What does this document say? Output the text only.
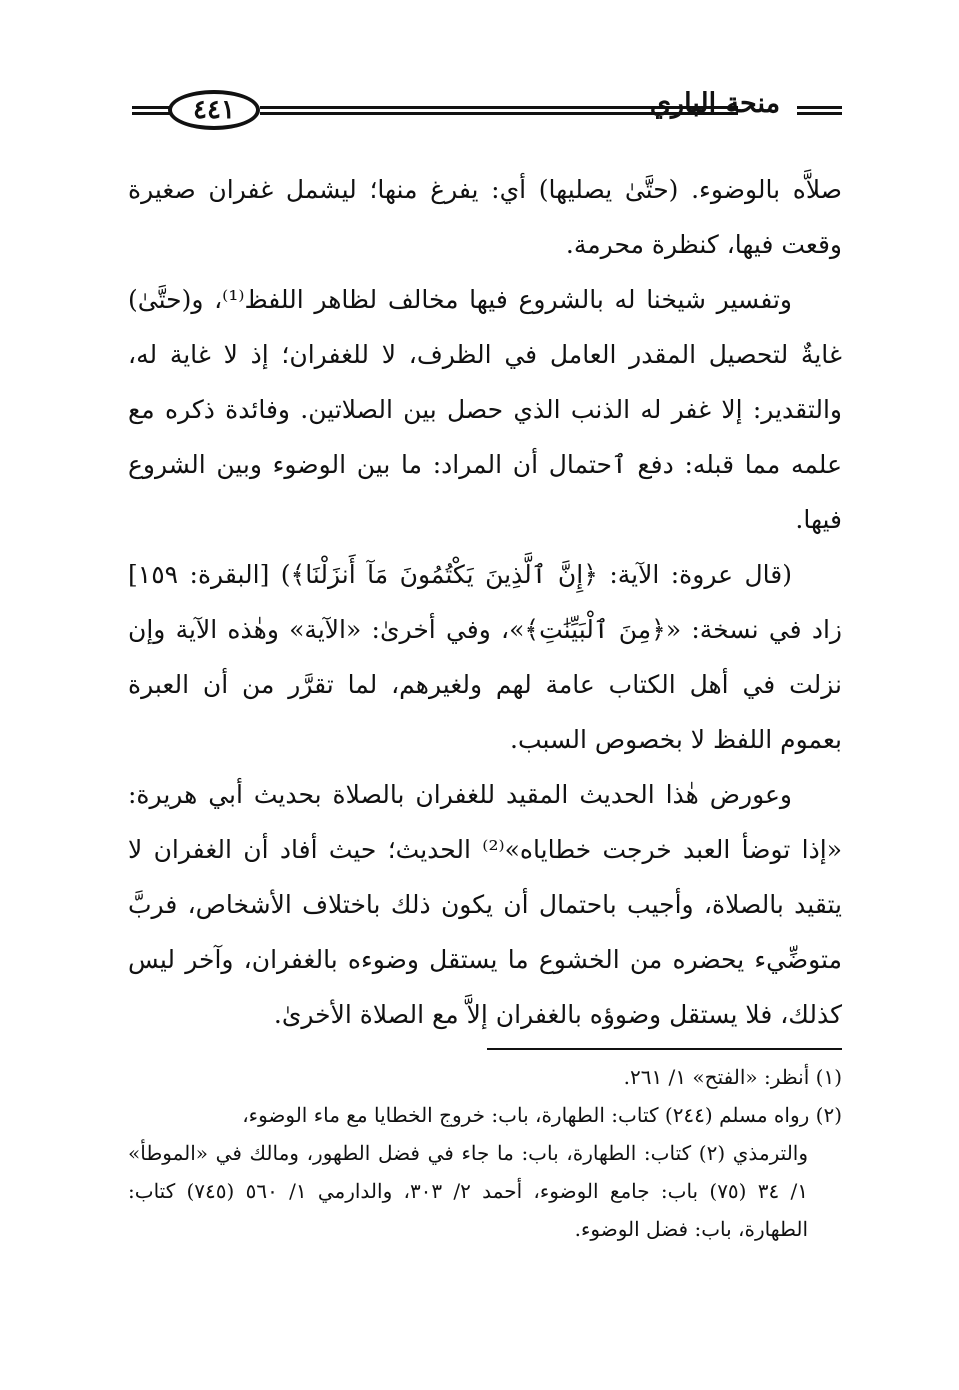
٤٤١	منحة الباري

صلاَّه بالوضوء. (حتَّىٰ يصليها) أي: يفرغ منها؛ ليشمل غفران صغيرة وقعت فيها، كنظرة محرمة.

وتفسير شيخنا له بالشروع فيها مخالف لظاهر اللفظ⁽¹⁾، و(حتَّىٰ) غايةٌ لتحصيل المقدر العامل في الظرف، لا للغفران؛ إذ لا غاية له، والتقدير: إلا غفر له الذنب الذي حصل بين الصلاتين. وفائدة ذكره مع علمه مما قبله: دفع ٱحتمال أن المراد: ما بين الوضوء وبين الشروع فيها.

(قال عروة: الآية: ﴿إِنَّ ٱلَّذِينَ يَكْتُمُونَ مَآ أَنزَلْنَا﴾) [البقرة: ١٥٩] زاد في نسخة: «﴿مِنَ ٱلْبَيِّنَٰتِ﴾»، وفي أخرىٰ: «الآية» وهٰذه الآية وإن نزلت في أهل الكتاب عامة لهم ولغيرهم، لما تقرَّر من أن العبرة بعموم اللفظ لا بخصوص السبب.

وعورض هٰذا الحديث المقيد للغفران بالصلاة بحديث أبي هريرة: «إذا توضأ العبد خرجت خطاياه»⁽²⁾ الحديث؛ حيث أفاد أن الغفران لا يتقيد بالصلاة، وأجيب باحتمال أن يكون ذلك باختلاف الأشخاص، فربَّ متوضِّيء يحضره من الخشوع ما يستقل وضوءه بالغفران، وآخر ليس كذلك، فلا يستقل وضوؤه بالغفران إلاَّ مع الصلاة الأخرىٰ.

(١) أنظر: «الفتح» ١/ ٢٦١.

(٢) رواه مسلم (٢٤٤) كتاب: الطهارة، باب: خروج الخطايا مع ماء الوضوء،

والترمذي (٢) كتاب: الطهارة، باب: ما جاء في فضل الطهور، ومالك في «الموطأ» ١/ ٣٤ (٧٥) باب: جامع الوضوء، أحمد ٢/ ٣٠٣، والدارمي ١/ ٥٦٠ (٧٤٥) كتاب: الطهارة، باب: فضل الوضوء.
